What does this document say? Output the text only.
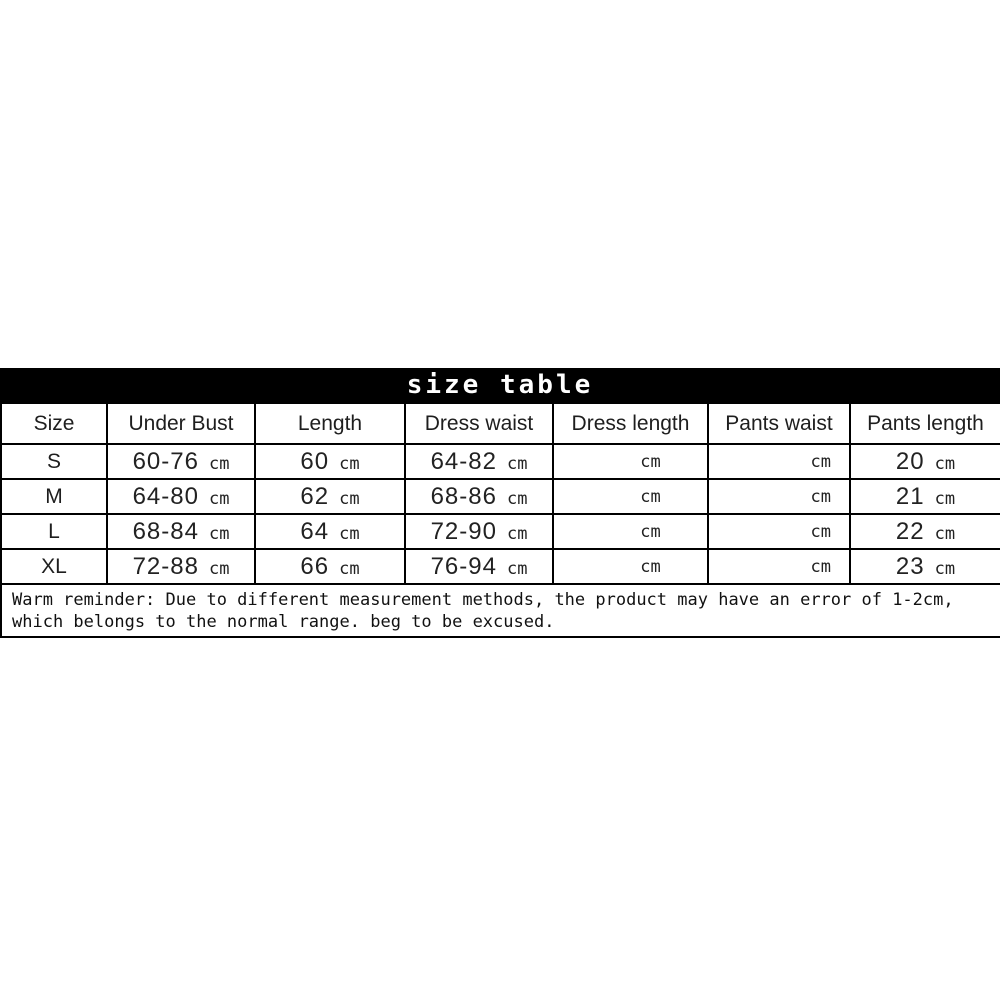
size table
Size	Under Bust	Length	Dress waist	Dress length	Pants waist	Pants length
S	60-76 cm	60 cm	64-82 cm	cm	cm	20 cm

M	64-80 cm	62 cm	68-86 cm	cm	cm	21 cm

L	68-84 cm	64 cm	72-90 cm	cm	cm	22 cm

XL	72-88 cm	66 cm	76-94 cm	cm	cm	23 cm

Warm reminder: Due to different measurement methods, the product may have an error of 1-2cm,
which belongs to the normal range. beg to be excused.						
